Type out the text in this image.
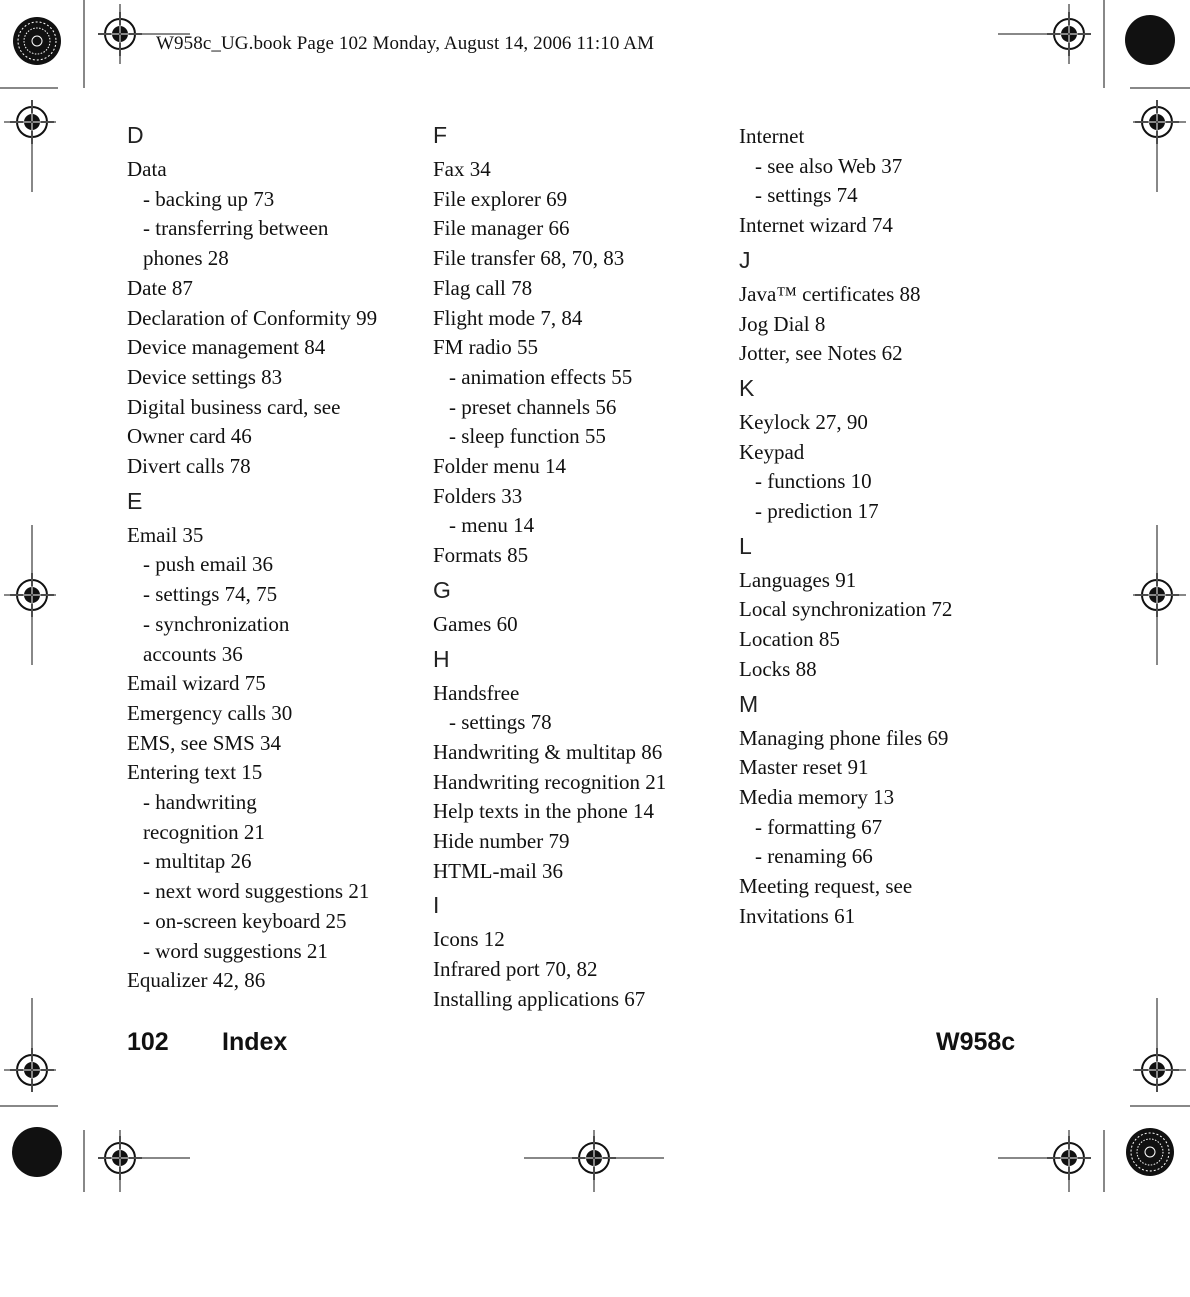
W958c_UG.book Page 102 Monday, August 14, 2006 11:10 AM
D
Data
- backing up 73
- transferring between
phones 28
Date 87
Declaration of Conformity 99
Device management 84
Device settings 83
Digital business card, see
Owner card 46
Divert calls 78
E
Email 35
- push email 36
- settings 74, 75
- synchronization
accounts 36
Email wizard 75
Emergency calls 30
EMS, see SMS 34
Entering text 15
- handwriting
recognition 21
- multitap 26
- next word suggestions 21
- on-screen keyboard 25
- word suggestions 21
Equalizer 42, 86
F
Fax 34
File explorer 69
File manager 66
File transfer 68, 70, 83
Flag call 78
Flight mode 7, 84
FM radio 55
- animation effects 55
- preset channels 56
- sleep function 55
Folder menu 14
Folders 33
- menu 14
Formats 85
G
Games 60
H
Handsfree
- settings 78
Handwriting & multitap 86
Handwriting recognition 21
Help texts in the phone 14
Hide number 79
HTML-mail 36
I
Icons 12
Infrared port 70, 82
Installing applications 67
Internet
- see also Web 37
- settings 74
Internet wizard 74
J
Java™ certificates 88
Jog Dial 8
Jotter, see Notes 62
K
Keylock 27, 90
Keypad
- functions 10
- prediction 17
L
Languages 91
Local synchronization 72
Location 85
Locks 88
M
Managing phone files 69
Master reset 91
Media memory 13
- formatting 67
- renaming 66
Meeting request, see
Invitations 61
102 Index	W958c
